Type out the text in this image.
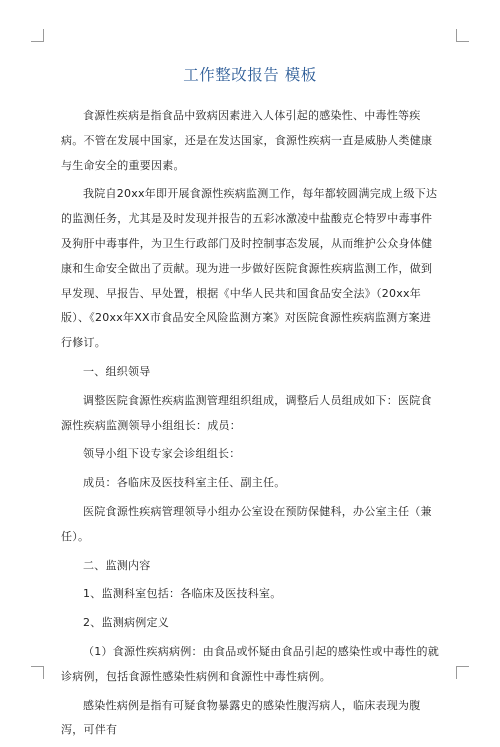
工作整改报告 模板

食源性疾病是指食品中致病因素进入人体引起的感染性、中毒性等疾病。不管在发展中国家，还是在发达国家，食源性疾病一直是威胁人类健康与生命安全的重要因素。

我院自20xx年即开展食源性疾病监测工作，每年都较圆满完成上级下达的监测任务，尤其是及时发现并报告的五彩冰激凌中盐酸克仑特罗中毒事件及狗肝中毒事件，为卫生行政部门及时控制事态发展，从而维护公众身体健康和生命安全做出了贡献。现为进一步做好医院食源性疾病监测工作，做到早发现、早报告、早处置，根据《中华人民共和国食品安全法》（20xx年版）、《20xx年XX市食品安全风险监测方案》对医院食源性疾病监测方案进行修订。

一、组织领导

调整医院食源性疾病监测管理组织组成，调整后人员组成如下：医院食源性疾病监测领导小组组长：成员：

领导小组下设专家会诊组组长：

成员：各临床及医技科室主任、副主任。

医院食源性疾病管理领导小组办公室设在预防保健科，办公室主任（兼任）。

二、监测内容

1、监测科室包括：各临床及医技科室。

2、监测病例定义

（1）食源性疾病病例：由食品或怀疑由食品引起的感染性或中毒性的就诊病例，包括食源性感染性病例和食源性中毒性病例。

感染性病例是指有可疑食物暴露史的感染性腹泻病人，临床表现为腹泻，可伴有
